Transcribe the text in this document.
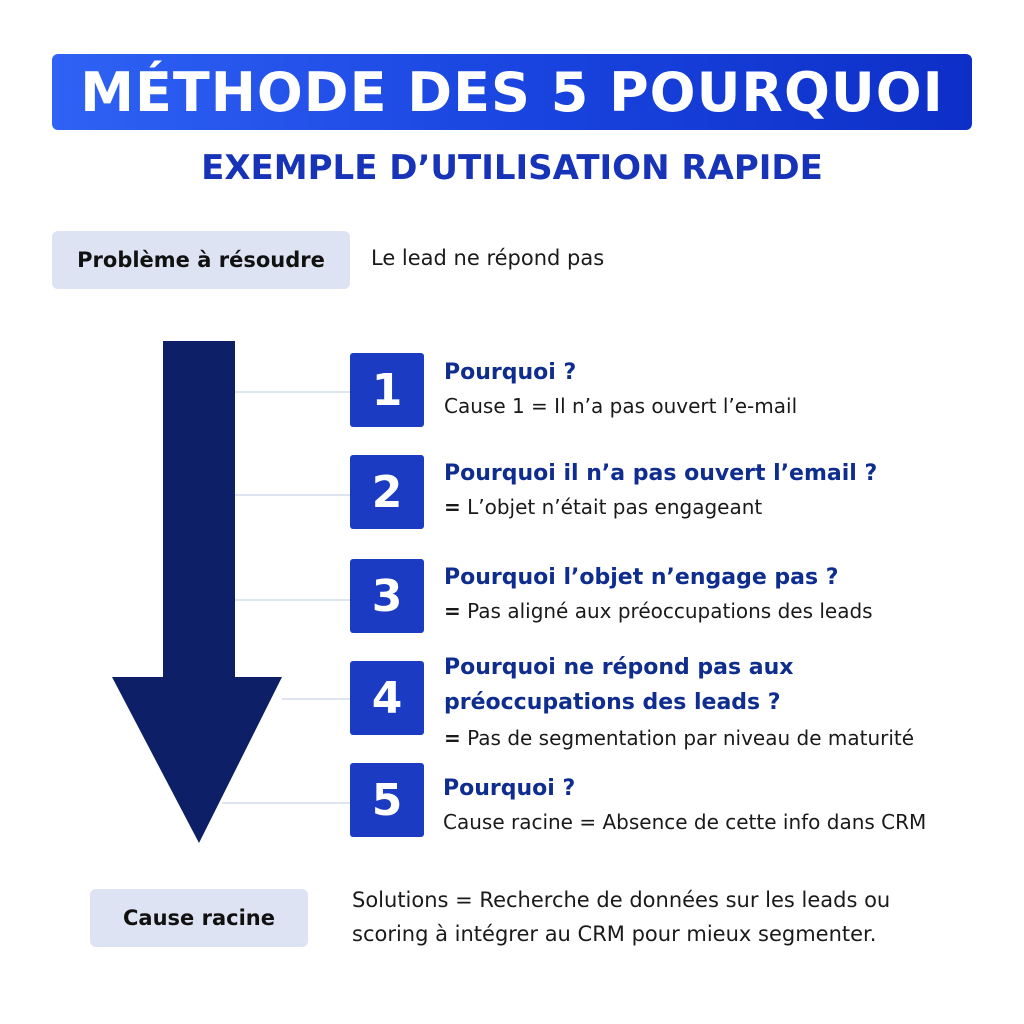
MÉTHODE DES 5 POURQUOI
EXEMPLE D’UTILISATION RAPIDE
Problème à résoudre	Le lead ne répond pas
1	Pourquoi ?
Cause 1 = Il n’a pas ouvert l’e-mail
2	Pourquoi il n’a pas ouvert l’email ?
= L’objet n’était pas engageant
3	Pourquoi l’objet n’engage pas ?
= Pas aligné aux préoccupations des leads
4
Pourquoi ne répond pas aux
préoccupations des leads ?
= Pas de segmentation par niveau de maturité
5	Pourquoi ?
Cause racine = Absence de cette info dans CRM
Cause racine
Solutions = Recherche de données sur les leads ou
scoring à intégrer au CRM pour mieux segmenter.
